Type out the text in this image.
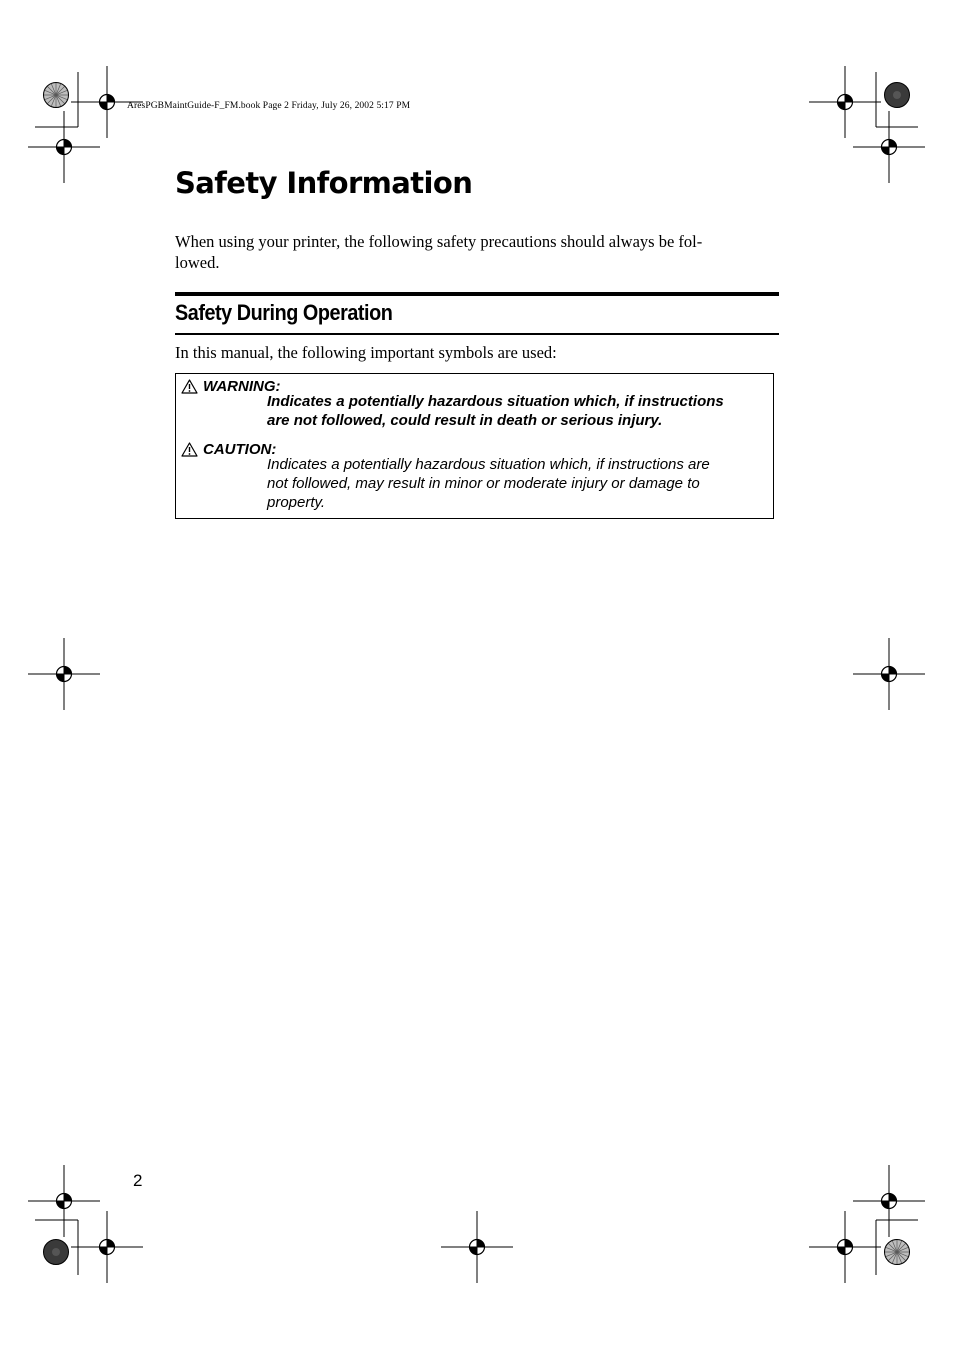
AresPGBMaintGuide-F_FM.book Page 2 Friday, July 26, 2002 5:17 PM
Safety Information

When using your printer, the following safety precautions should always be fol-
lowed.

Safety During Operation

In this manual, the following important symbols are used:

WARNING:

Indicates a potentially hazardous situation which, if instructions
are not followed, could result in death or serious injury.

CAUTION:

Indicates a potentially hazardous situation which, if instructions are
not followed, may result in minor or moderate injury or damage to
property.

2
